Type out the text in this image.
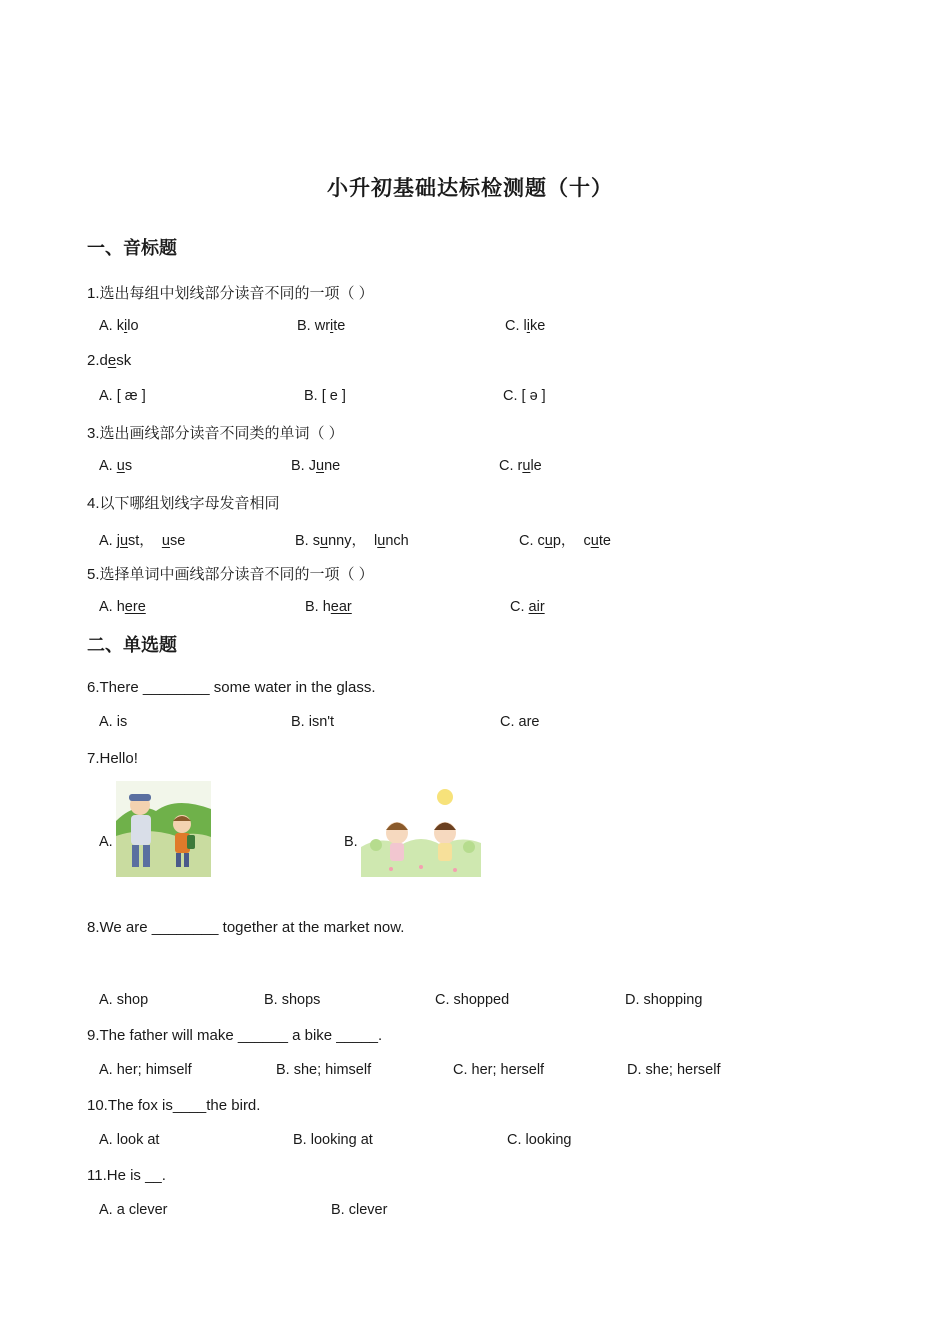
小升初基础达标检测题（十）
一、音标题
1.选出每组中划线部分读音不同的一项（ ）
A. kilo	B. write	C. like
2.desk
A. [ æ ]	B. [ e ]	C. [ ə ]
3.选出画线部分读音不同类的单词（ ）
A. us	B. June	C. rule
4.以下哪组划线字母发音相同
A. just，  use	B. sunny，  lunch	C. cup，  cute
5.选择单词中画线部分读音不同的一项（ ）
A. here	B. hear	C. air
二、单选题
6.There ________ some water in the glass.
A. is	B. isn't	C. are
7.Hello!
A.	B.
8.We are ________ together at the market now.
A. shop	B. shops	C. shopped	D. shopping
9.The father will make ______ a bike _____.
A. her; himself	B. she; himself	C. her; herself	D. she; herself
10.The fox is____the bird.
A. look at	B. looking at	C. looking
11.He is __.
A. a clever	B. clever
